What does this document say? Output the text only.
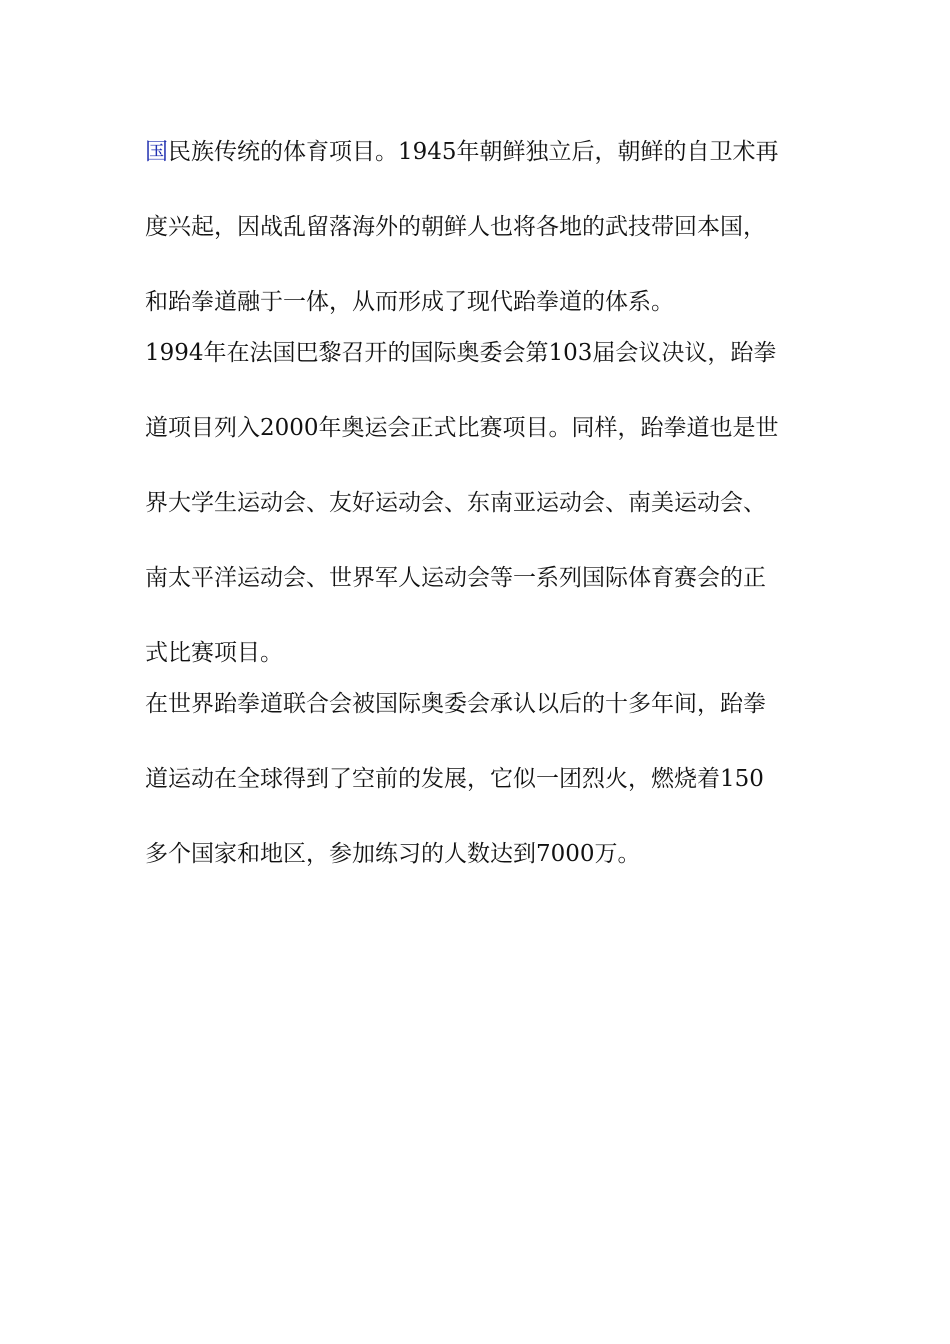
国民族传统的体育项目。1945年朝鲜独立后，朝鲜的自卫术再
度兴起，因战乱留落海外的朝鲜人也将各地的武技带回本国，
和跆拳道融于一体，从而形成了现代跆拳道的体系。

1994年在法国巴黎召开的国际奥委会第103届会议决议，跆拳
道项目列入2000年奥运会正式比赛项目。同样，跆拳道也是世
界大学生运动会、友好运动会、东南亚运动会、南美运动会、
南太平洋运动会、世界军人运动会等一系列国际体育赛会的正
式比赛项目。

在世界跆拳道联合会被国际奥委会承认以后的十多年间，跆拳
道运动在全球得到了空前的发展，它似一团烈火，燃烧着150
多个国家和地区，参加练习的人数达到7000万。
